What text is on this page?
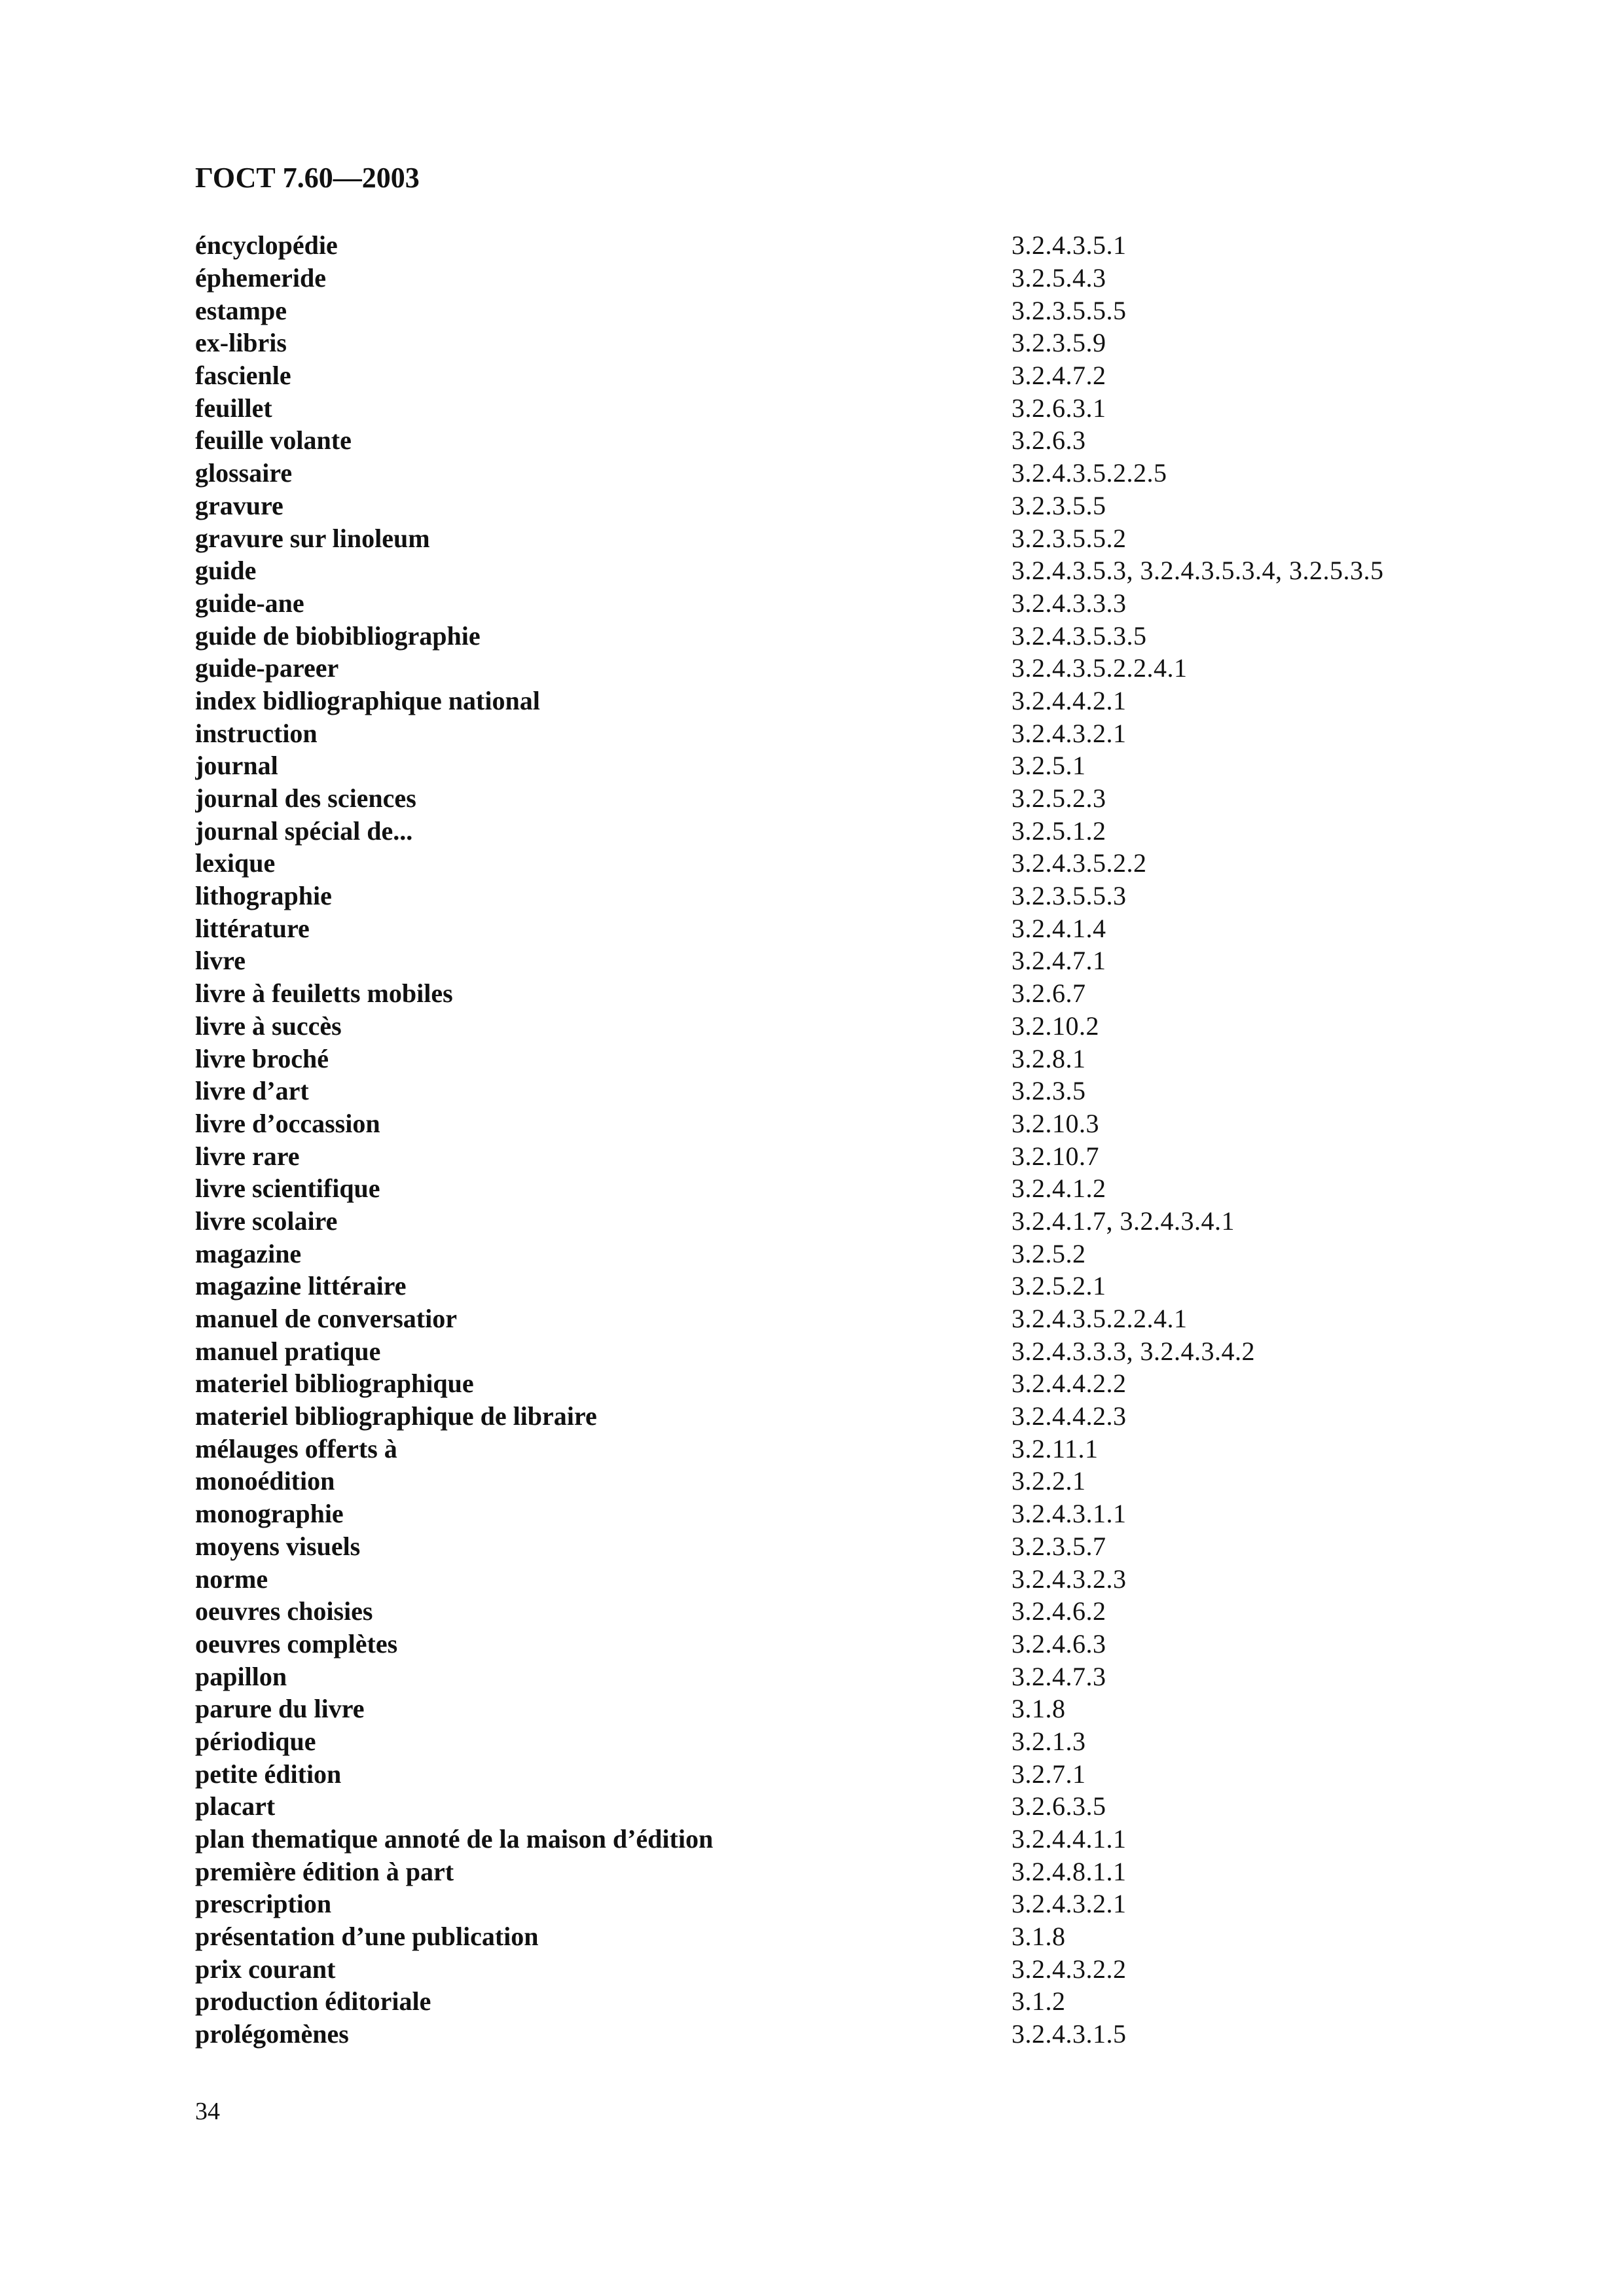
ГОСТ 7.60—2003
éncyclopédie	3.2.4.3.5.1
éphemeride	3.2.5.4.3
estampe	3.2.3.5.5.5
ex-libris	3.2.3.5.9
fascienle	3.2.4.7.2
feuillet	3.2.6.3.1
feuille volante	3.2.6.3
glossaire	3.2.4.3.5.2.2.5
gravure	3.2.3.5.5
gravure sur linoleum	3.2.3.5.5.2
guide	3.2.4.3.5.3, 3.2.4.3.5.3.4, 3.2.5.3.5
guide-ane	3.2.4.3.3.3
guide de biobibliographie	3.2.4.3.5.3.5
guide-pareer	3.2.4.3.5.2.2.4.1
index bidliographique national	3.2.4.4.2.1
instruction	3.2.4.3.2.1
journal	3.2.5.1
journal des sciences	3.2.5.2.3
journal spécial de...	3.2.5.1.2
lexique	3.2.4.3.5.2.2
lithographie	3.2.3.5.5.3
littérature	3.2.4.1.4
livre	3.2.4.7.1
livre à feuiletts mobiles	3.2.6.7
livre à succès	3.2.10.2
livre broché	3.2.8.1
livre d’art	3.2.3.5
livre d’occassion	3.2.10.3
livre rare	3.2.10.7
livre scientifique	3.2.4.1.2
livre scolaire	3.2.4.1.7, 3.2.4.3.4.1
magazine	3.2.5.2
magazine littéraire	3.2.5.2.1
manuel de conversatior	3.2.4.3.5.2.2.4.1
manuel pratique	3.2.4.3.3.3, 3.2.4.3.4.2
materiel bibliographique	3.2.4.4.2.2
materiel bibliographique de libraire	3.2.4.4.2.3
mélauges offerts à	3.2.11.1
monoédition	3.2.2.1
monographie	3.2.4.3.1.1
moyens visuels	3.2.3.5.7
norme	3.2.4.3.2.3
oeuvres choisies	3.2.4.6.2
oeuvres complètes	3.2.4.6.3
papillon	3.2.4.7.3
parure du livre	3.1.8
périodique	3.2.1.3
petite édition	3.2.7.1
placart	3.2.6.3.5
plan thematique annoté de la maison d’édition	3.2.4.4.1.1
première édition à part	3.2.4.8.1.1
prescription	3.2.4.3.2.1
présentation d’une publication	3.1.8
prix courant	3.2.4.3.2.2
production éditoriale	3.1.2
prolégomènes	3.2.4.3.1.5
34
